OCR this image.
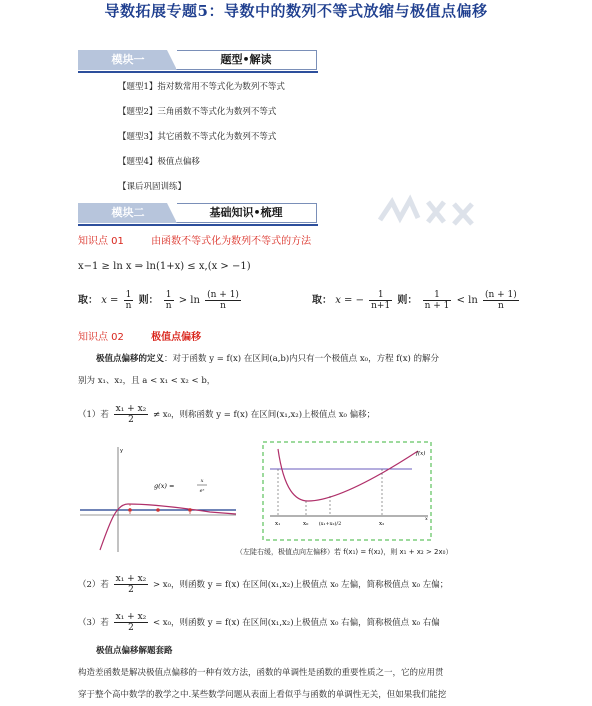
导数拓展专题5：导数中的数列不等式放缩与极值点偏移
模块一	题型•解读
【题型1】指对数常用不等式化为数列不等式
【题型2】三角函数不等式化为数列不等式
【题型3】其它函数不等式化为数列不等式
【题型4】极值点偏移
【课后巩固训练】
模块二	基础知识•梳理
知识点 01	由函数不等式化为数列不等式的方法
x−1 ≥ ln x ⇒ ln(1+x) ≤ x,(x > −1)
取： $x = \frac{1}{n}$ 则： $\frac{1}{n} > \ln \frac{(n + 1)}{n}$	取： x = − $\frac{1}{n+1}$ 则： $\frac{1}{n + 1} < \ln \frac{(n + 1)}{n}$
知识点 02	极值点偏移
极值点偏移的定义：对于函数 y = f(x) 在区间(a,b)内只有一个极值点 x₀，方程 f(x) 的解分
别为 x₁、x₂，且 a < x₁ < x₂ < b，
（1）若 $\frac{\text{x₁ + x₂}}{2} \ne x_0$，则称函数 y = f(x) 在区间(x₁,x₂)上极值点 x₀ 偏移；
y
g(x) =
x
eˣ
f(x)
x₁	x₀ (x₁+x₂)/2	x₂
x
（左陡右缓，极值点向左偏移）若 f(x₁) = f(x₂)，则 x₁ + x₂ > 2x₀）
（2）若 $\frac{\text{x₁ + x₂}}{2} > x_0$，则函数 y = f(x) 在区间(x₁,x₂)上极值点 x₀ 左偏，简称极值点 x₀ 左偏；
（3）若 $\frac{\text{x₁ + x₂}}{2} < x_0$，则函数 y = f(x) 在区间(x₁,x₂)上极值点 x₀ 右偏，简称极值点 x₀ 右偏
极值点偏移解题套路
构造差函数是解决极值点偏移的一种有效方法，函数的单调性是函数的重要性质之一，它的应用贯
穿于整个高中数学的教学之中.某些数学问题从表面上看似乎与函数的单调性无关，但如果我们能挖
